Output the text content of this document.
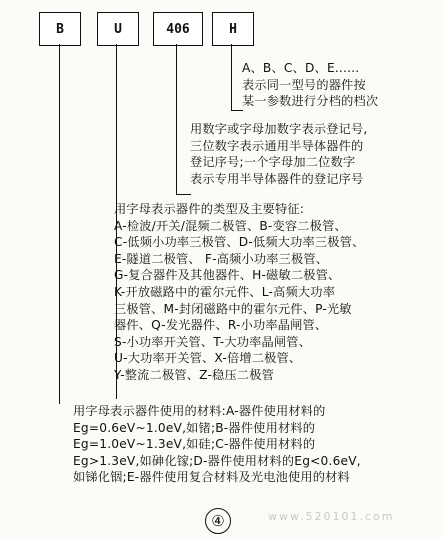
B	U	406	H
A、B、C、D、E......
表示同一型号的器件按
某一参数进行分档的档次
用数字或字母加数字表示登记号,
三位数字表示通用半导体器件的
登记序号;一个字母加二位数字
表示专用半导体器件的登记序号
用字母表示器件的类型及主要特征:
A-检波/开关/混频二极管、B-变容二极管、
C-低频小功率三极管、D-低频大功率三极管、
E-隧道二极管、 F-高频小功率三极管、
G-复合器件及其他器件、H-磁敏二极管、
K-开放磁路中的霍尔元件、L-高频大功率
三极管、M-封闭磁路中的霍尔元件、P-光敏
器件、Q-发光器件、R-小功率晶闸管、
S-小功率开关管、T-大功率晶闸管、
U-大功率开关管、X-倍增二极管、
Y-整流二极管、Z-稳压二极管
用字母表示器件使用的材料:A-器件使用材料的
Eg=0.6eV~1.0eV,如锗;B-器件使用材料的
Eg=1.0eV~1.3eV,如硅;C-器件使用材料的
Eg>1.3eV,如砷化镓;D-器件使用材料的Eg<0.6eV,
如锑化铟;E-器件使用复合材料及光电池使用的材料
④	www.520101.com
